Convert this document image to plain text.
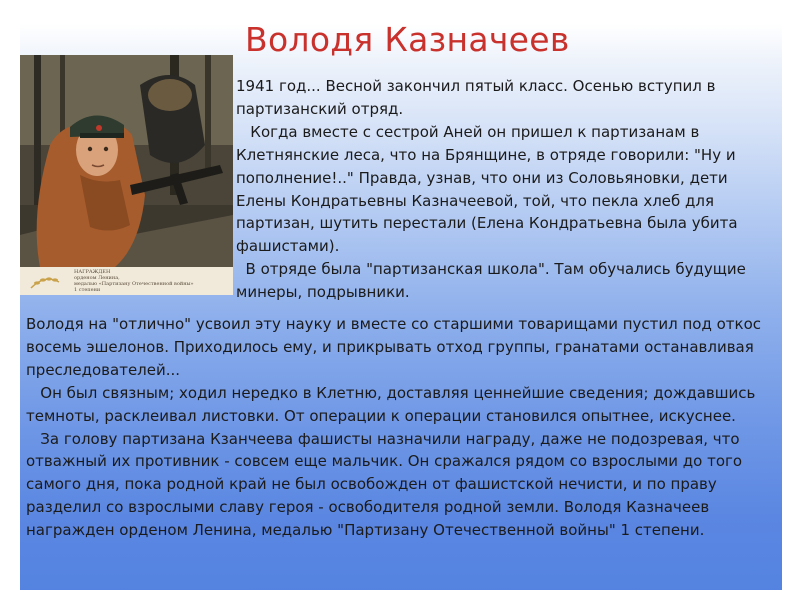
Володя Казначеев
НАГРАЖДЕН
орденом Ленина,
медалью «Партизану Отечественной войны»
1 степени

1941 год... Весной закончил пятый класс. Осенью вступил в партизанский отряд.

Когда вместе с сестрой Аней он пришел к партизанам в Клетнянские леса, что на Брянщине, в отряде говорили: "Ну и пополнение!.." Правда, узнав, что они из Соловьяновки, дети Елены Кондратьевны Казначеевой, той, что пекла хлеб для партизан, шутить перестали (Елена Кондратьевна была убита фашистами).

В отряде была "партизанская школа". Там обучались будущие минеры, подрывники.

Володя на "отлично" усвоил эту науку и вместе со старшими товарищами пустил под откос восемь эшелонов. Приходилось ему, и прикрывать отход группы, гранатами останавливая преследователей...

Он был связным; ходил нередко в Клетню, доставляя ценнейшие сведения; дождавшись темноты, расклеивал листовки. От операции к операции становился опытнее, искуснее.

За голову партизана Кзанчеева фашисты назначили награду, даже не подозревая, что отважный их противник - совсем еще мальчик. Он сражался рядом со взрослыми до того самого дня, пока родной край не был освобожден от фашистской нечисти, и по праву разделил со взрослыми славу героя - освободителя родной земли. Володя Казначеев награжден орденом Ленина, медалью "Партизану Отечественной войны" 1 степени.
